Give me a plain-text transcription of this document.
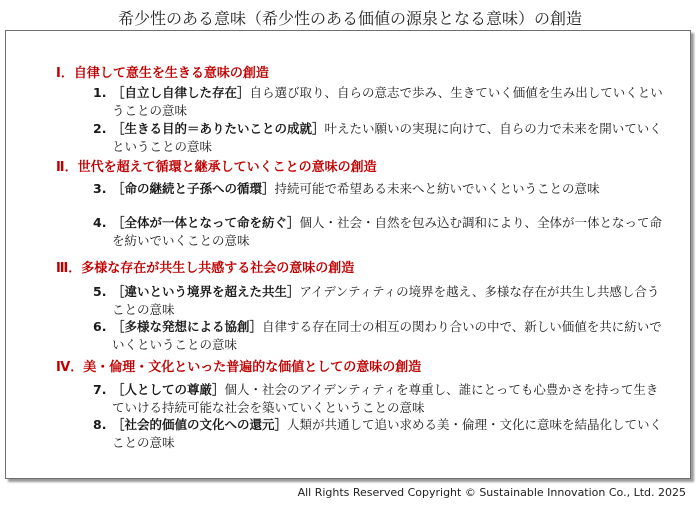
希少性のある意味（希少性のある価値の源泉となる意味）の創造
Ⅰ．自律して意生を生きる意味の創造
1. ［自立し自律した存在］自ら選び取り、自らの意志で歩み、生きていく価値を生み出していくということの意味
2. ［生きる目的＝ありたいことの成就］叶えたい願いの実現に向けて、自らの力で未来を開いていくということの意味
Ⅱ．世代を超えて循環と継承していくことの意味の創造
3. ［命の継続と子孫への循環］持続可能で希望ある未来へと紡いでいくということの意味
4. ［全体が一体となって命を紡ぐ］個人・社会・自然を包み込む調和により、全体が一体となって命を紡いでいくことの意味
Ⅲ．多様な存在が共生し共感する社会の意味の創造
5. ［違いという境界を超えた共生］アイデンティティの境界を越え、多様な存在が共生し共感し合うことの意味
6. ［多様な発想による協創］自律する存在同士の相互の関わり合いの中で、新しい価値を共に紡いでいくということの意味
Ⅳ．美・倫理・文化といった普遍的な価値としての意味の創造
7. ［人としての尊厳］個人・社会のアイデンティティを尊重し、誰にとっても心豊かさを持って生きていける持続可能な社会を築いていくということの意味
8. ［社会的価値の文化への還元］人類が共通して追い求める美・倫理・文化に意味を結晶化していくことの意味
All Rights Reserved Copyright © Sustainable Innovation Co., Ltd. 2025
